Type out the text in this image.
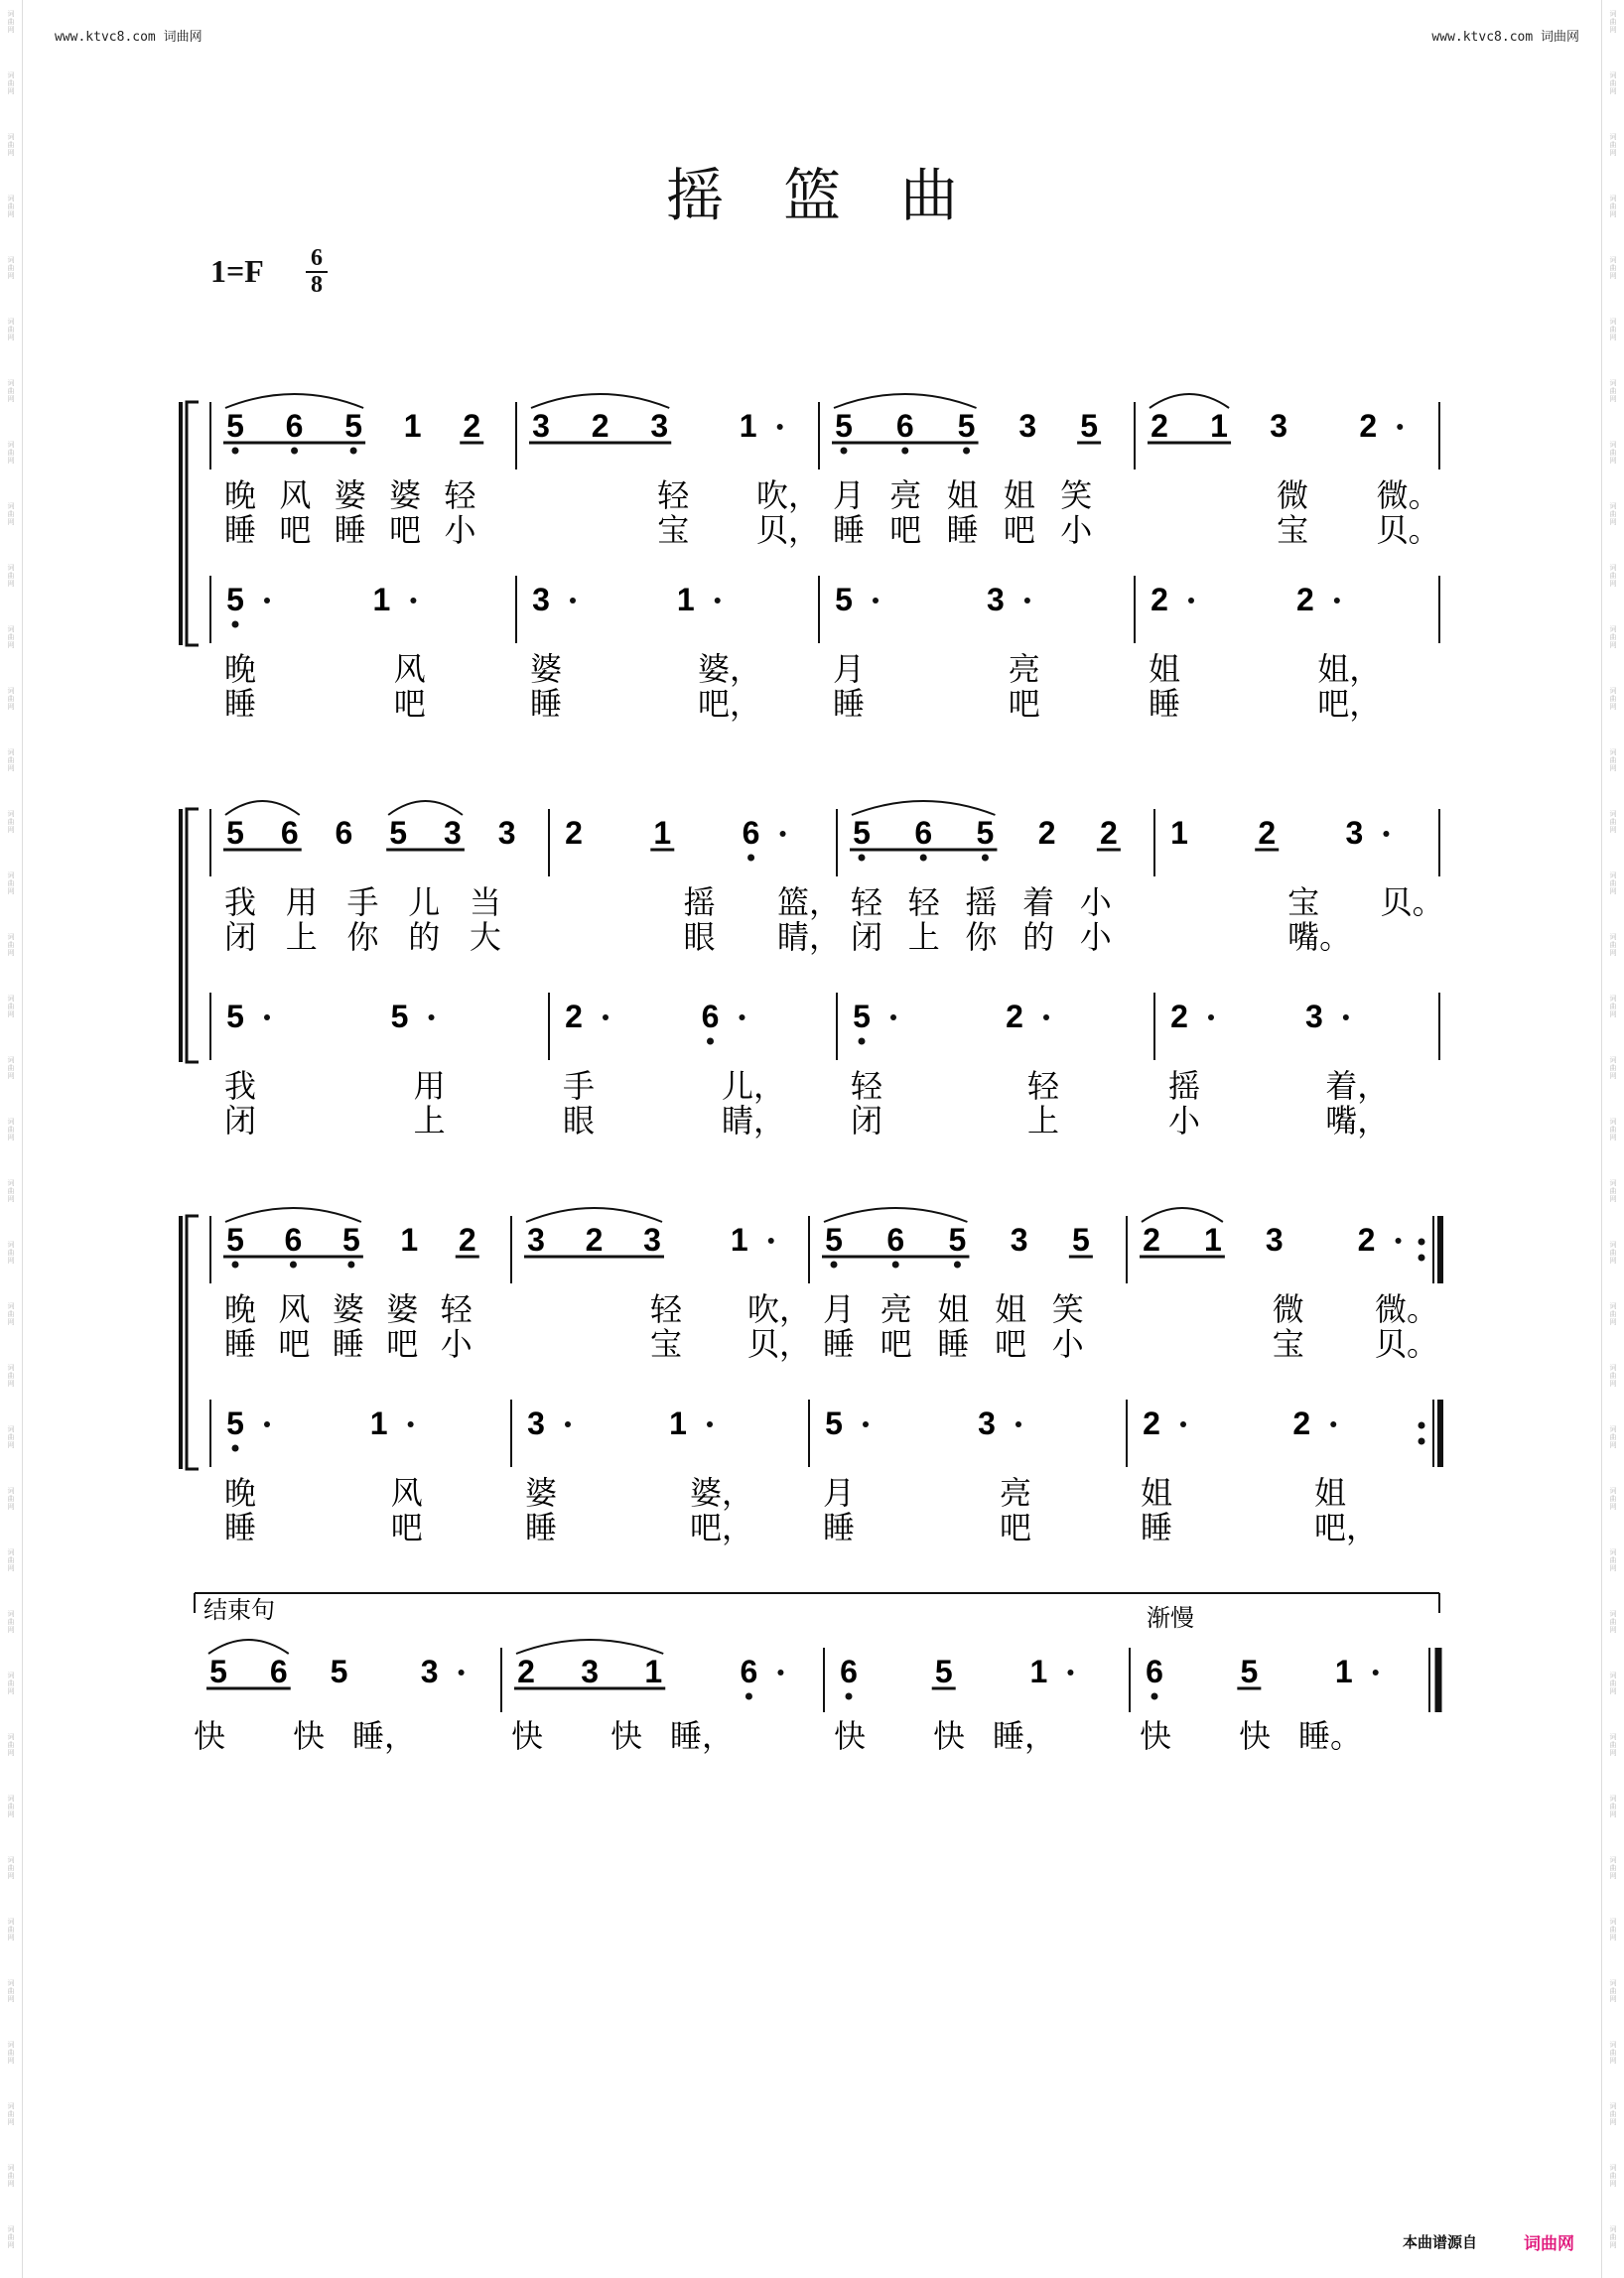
词
曲
网
词
曲
网
词
曲
网
词
曲
网
词
曲
网
词
曲
网
词
曲
网
词
曲
网
词
曲
网
词
曲
网
词
曲
网
词
曲
网
词
曲
网
词
曲
网
词
曲
网
词
曲
网
词
曲
网
词
曲
网
词
曲
网
词
曲
网
词
曲
网
词
曲
网
词
曲
网
词
曲
网
词
曲
网
词
曲
网
词
曲
网
词
曲
网
词
曲
网
词
曲
网
词
曲
网
词
曲
网
词
曲
网
词
曲
网
词
曲
网
词
曲
网
词
曲
网
词
曲
网
词
曲
网
词
曲
网
词
曲
网
词
曲
网
词
曲
网
词
曲
网
词
曲
网
词
曲
网
词
曲
网
词
曲
网
词
曲
网
词
曲
网
词
曲
网
词
曲
网
词
曲
网
词
曲
网
词
曲
网
词
曲
网
词
曲
网
词
曲
网
词
曲
网
词
曲
网
词
曲
网
词
曲
网
词
曲
网
词
曲
网
词
曲
网
词
曲
网
词
曲
网
词
曲
网
词
曲
网
词
曲
网
词
曲
网
词
曲
网
词
曲
网
词
曲
网
www.ktvc8.com 词曲网	www.ktvc8.com 词曲网
摇篮曲
1=F 6
8
5 6 5 1 2
晚 风 婆 婆 轻
睡 吧 睡 吧 小
3 2 3 1
轻 吹，
宝 贝，
5 6 5 3 5
月 亮 姐 姐 笑
睡 吧 睡 吧 小
2 1 3 2
微 微。
宝 贝。
5	1
晚	风
睡	吧
3	1
婆	婆，
睡	吧，
5	3
月	亮
睡	吧
2	2
姐	姐，
睡	吧，
5 6 6 5 3 3
我 用 手 儿 当
闭 上 你 的 大
2 1 6
摇 篮，
眼 睛，
5 6 5 2 2
轻 轻 摇 着 小
闭 上 你 的 小
1 2 3
宝 贝。
嘴。
5	5
我	用
闭	上
2	6
手	儿，
眼	睛，
5	2
轻	轻
闭	上
2	3
摇	着，
小	嘴，
5 6 5 1 2
晚 风 婆 婆 轻
睡 吧 睡 吧 小
3 2 3 1
轻 吹，
宝 贝，
5 6 5 3 5
月 亮 姐 姐 笑
睡 吧 睡 吧 小
2 1 3 2
微 微。
宝 贝。
5	1
晚	风
睡	吧
3	1
婆	婆，
睡	吧，
5	3
月	亮
睡	吧
2	2
姐	姐
睡	吧，
结束句	渐慢
5 6 5 3
快 快 睡，
2 3 1 6
快 快 睡，
6 5 1
快 快 睡，
6 5 1
快 快 睡。
本曲谱源自	词曲网
